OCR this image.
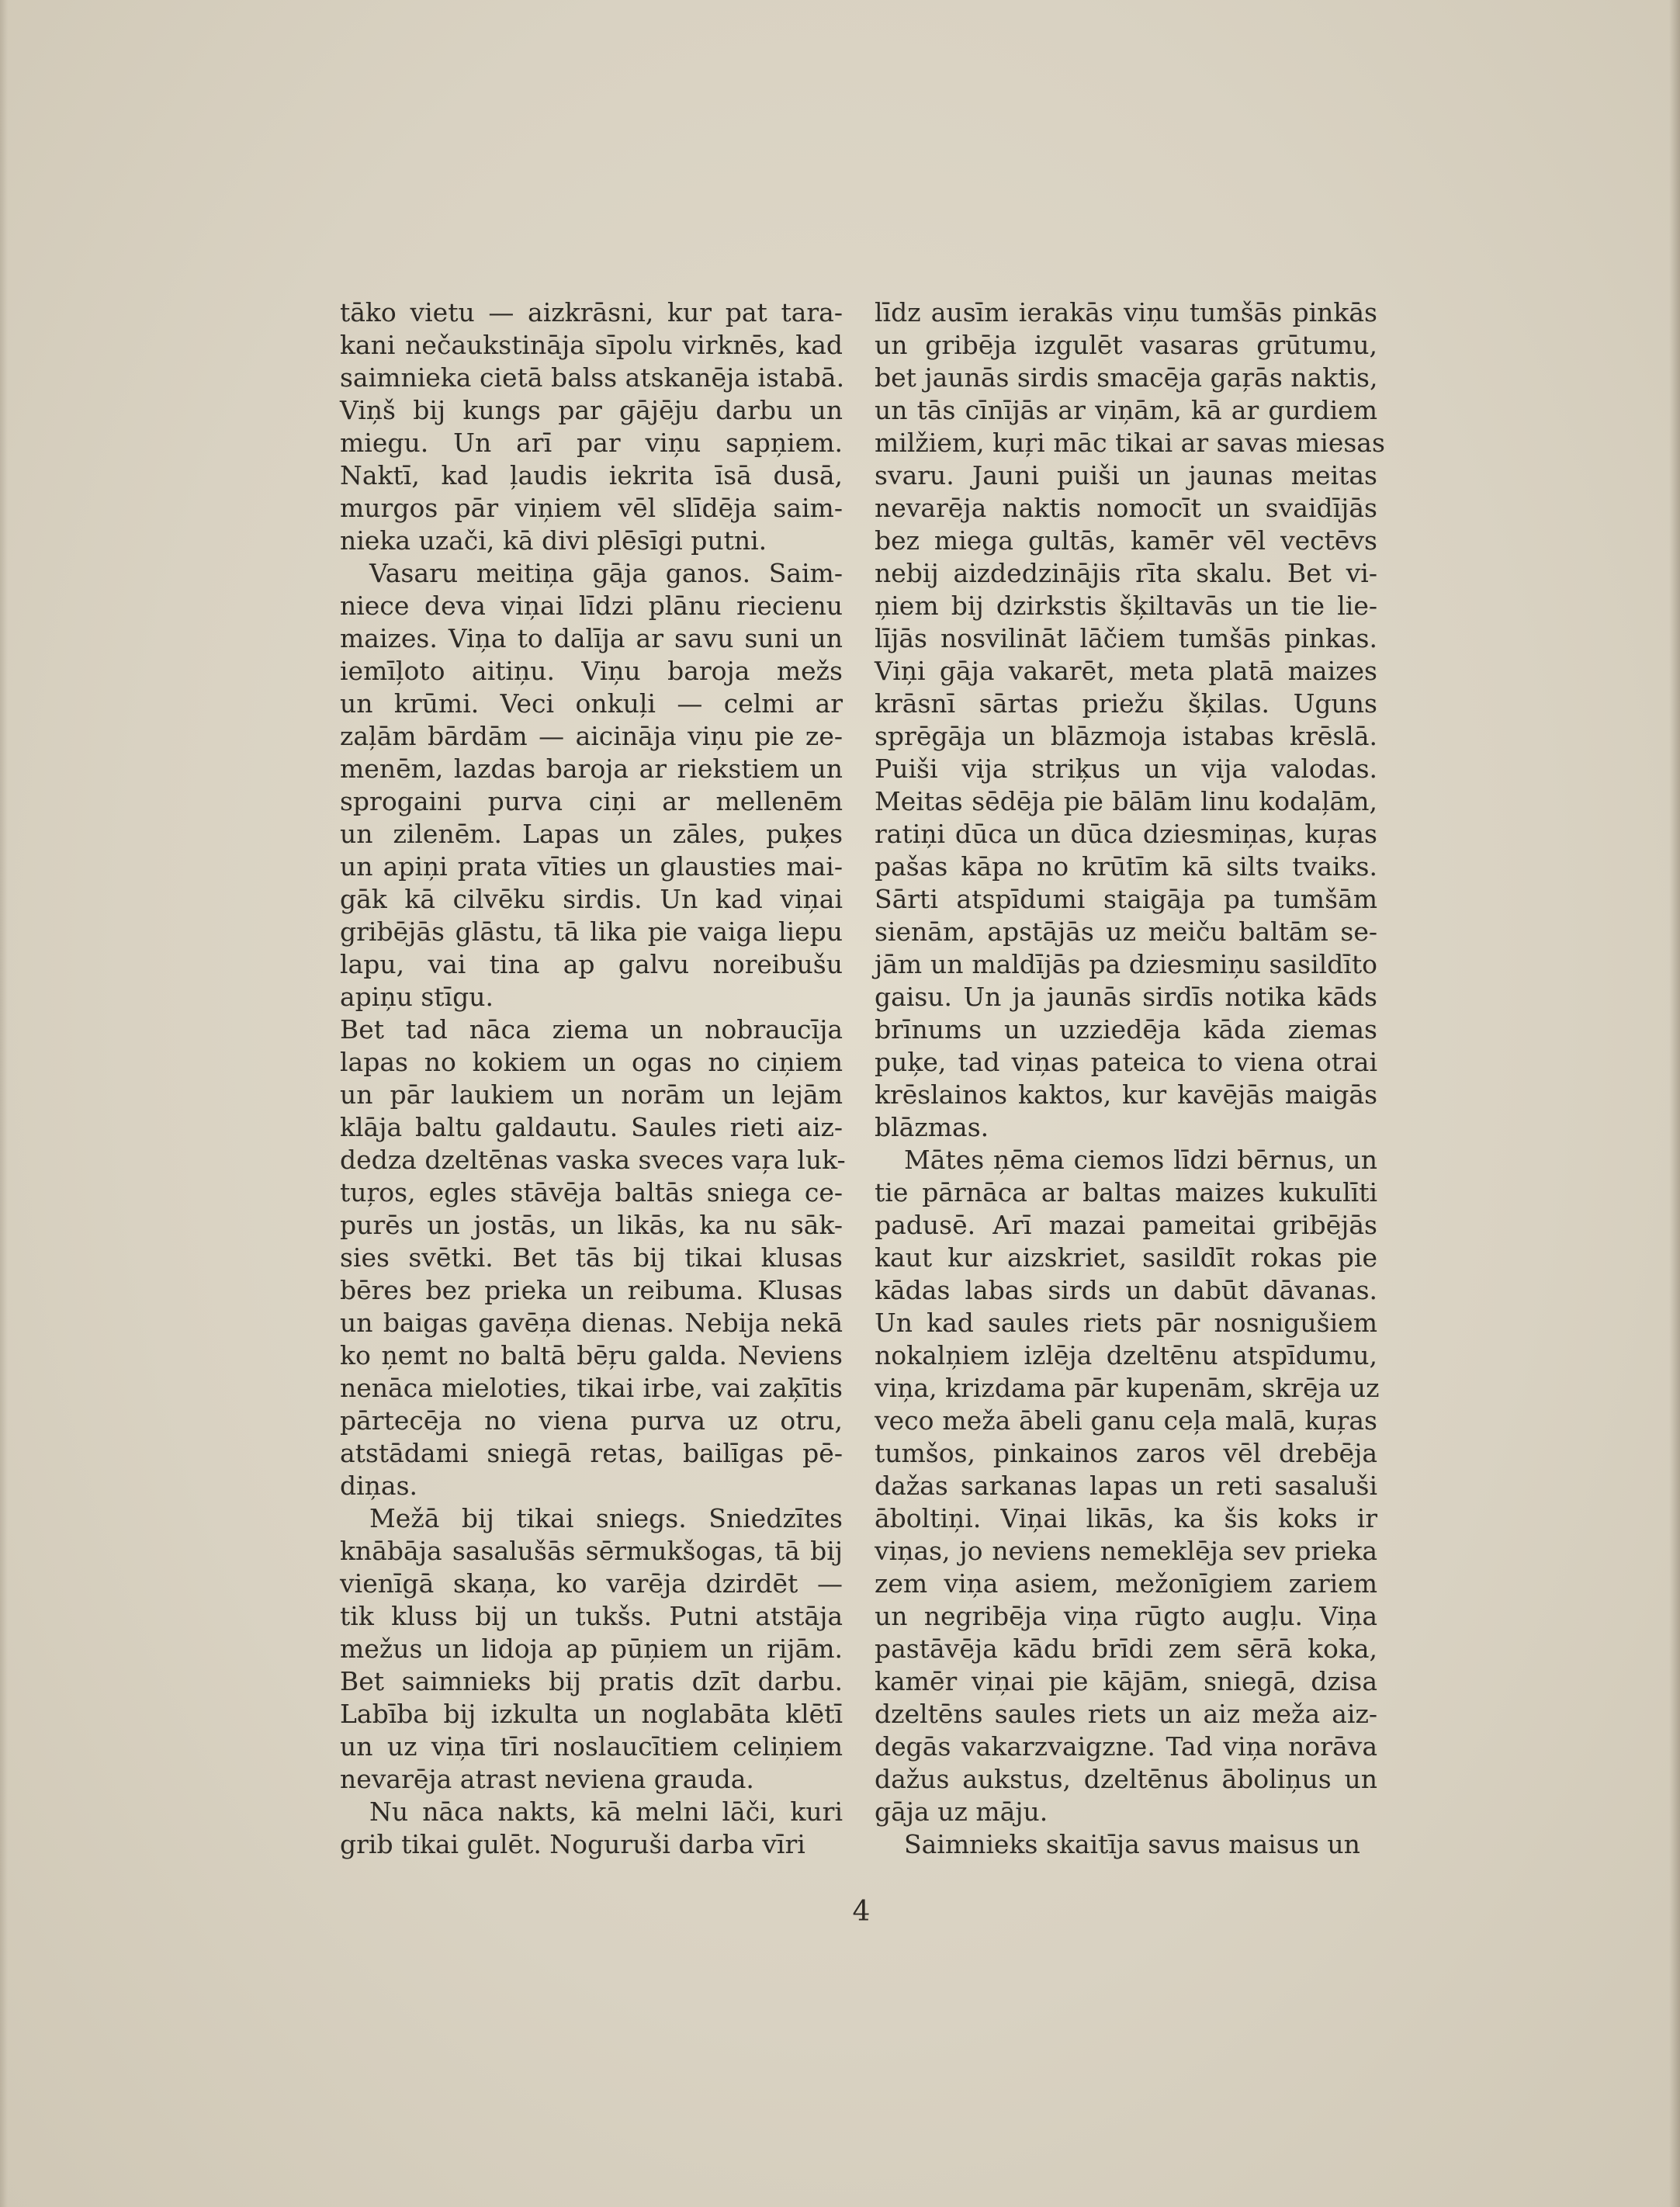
tāko vietu — aizkrāsni, kur pat tara-
kani nečaukstināja sīpolu virknēs, kad
saimnieka cietā balss atskanēja istabā.
Viņš bij kungs par gājēju darbu un
miegu. Un arī par viņu sapņiem.
Naktī, kad ļaudis iekrita īsā dusā,
murgos pār viņiem vēl slīdēja saim-
nieka uzači, kā divi plēsīgi putni.
Vasaru meitiņa gāja ganos. Saim-
niece deva viņai līdzi plānu riecienu
maizes. Viņa to dalīja ar savu suni un
iemīļoto aitiņu. Viņu baroja mežs
un krūmi. Veci onkuļi — celmi ar
zaļām bārdām — aicināja viņu pie ze-
menēm, lazdas baroja ar riekstiem un
sprogaini purva ciņi ar mellenēm
un zilenēm. Lapas un zāles, puķes
un apiņi prata vīties un glausties mai-
gāk kā cilvēku sirdis. Un kad viņai
gribējās glāstu, tā lika pie vaiga liepu
lapu, vai tina ap galvu noreibušu
apiņu stīgu.
Bet tad nāca ziema un nobraucīja
lapas no kokiem un ogas no ciņiem
un pār laukiem un norām un lejām
klāja baltu galdautu. Saules rieti aiz-
dedza dzeltēnas vaska sveces vaŗa luk-
tuŗos, egles stāvēja baltās sniega ce-
purēs un jostās, un likās, ka nu sāk-
sies svētki. Bet tās bij tikai klusas
bēres bez prieka un reibuma. Klusas
un baigas gavēņa dienas. Nebija nekā
ko ņemt no baltā bēŗu galda. Neviens
nenāca mieloties, tikai irbe, vai zaķītis
pārtecēja no viena purva uz otru,
atstādami sniegā retas, bailīgas pē-
diņas.
Mežā bij tikai sniegs. Sniedzītes
knābāja sasalušās sērmukšogas, tā bij
vienīgā skaņa, ko varēja dzirdēt —
tik kluss bij un tukšs. Putni atstāja
mežus un lidoja ap pūņiem un rijām.
Bet saimnieks bij pratis dzīt darbu.
Labība bij izkulta un noglabāta klētī
un uz viņa tīri noslaucītiem celiņiem
nevarēja atrast neviena grauda.
Nu nāca nakts, kā melni lāči, kuri
grib tikai gulēt. Noguruši darba vīri
līdz ausīm ierakās viņu tumšās pinkās
un gribēja izgulēt vasaras grūtumu,
bet jaunās sirdis smacēja gaŗās naktis,
un tās cīnījās ar viņām, kā ar gurdiem
milžiem, kuŗi māc tikai ar savas miesas
svaru. Jauni puiši un jaunas meitas
nevarēja naktis nomocīt un svaidījās
bez miega gultās, kamēr vēl vectēvs
nebij aizdedzinājis rīta skalu. Bet vi-
ņiem bij dzirkstis šķiltavās un tie lie-
lījās nosvilināt lāčiem tumšās pinkas.
Viņi gāja vakarēt, meta platā maizes
krāsnī sārtas priežu šķilas. Uguns
sprēgāja un blāzmoja istabas krēslā.
Puiši vija striķus un vija valodas.
Meitas sēdēja pie bālām linu kodaļām,
ratiņi dūca un dūca dziesmiņas, kuŗas
pašas kāpa no krūtīm kā silts tvaiks.
Sārti atspīdumi staigāja pa tumšām
sienām, apstājās uz meiču baltām se-
jām un maldījās pa dziesmiņu sasildīto
gaisu. Un ja jaunās sirdīs notika kāds
brīnums un uzziedēja kāda ziemas
puķe, tad viņas pateica to viena otrai
krēslainos kaktos, kur kavējās maigās
blāzmas.
Mātes ņēma ciemos līdzi bērnus, un
tie pārnāca ar baltas maizes kukulīti
padusē. Arī mazai pameitai gribējās
kaut kur aizskriet, sasildīt rokas pie
kādas labas sirds un dabūt dāvanas.
Un kad saules riets pār nosnigušiem
nokalņiem izlēja dzeltēnu atspīdumu,
viņa, krizdama pār kupenām, skrēja uz
veco meža ābeli ganu ceļa malā, kuŗas
tumšos, pinkainos zaros vēl drebēja
dažas sarkanas lapas un reti sasaluši
āboltiņi. Viņai likās, ka šis koks ir
viņas, jo neviens nemeklēja sev prieka
zem viņa asiem, mežonīgiem zariem
un negribēja viņa rūgto augļu. Viņa
pastāvēja kādu brīdi zem sērā koka,
kamēr viņai pie kājām, sniegā, dzisa
dzeltēns saules riets un aiz meža aiz-
degās vakarzvaigzne. Tad viņa norāva
dažus aukstus, dzeltēnus āboliņus un
gāja uz māju.
Saimnieks skaitīja savus maisus un
4
